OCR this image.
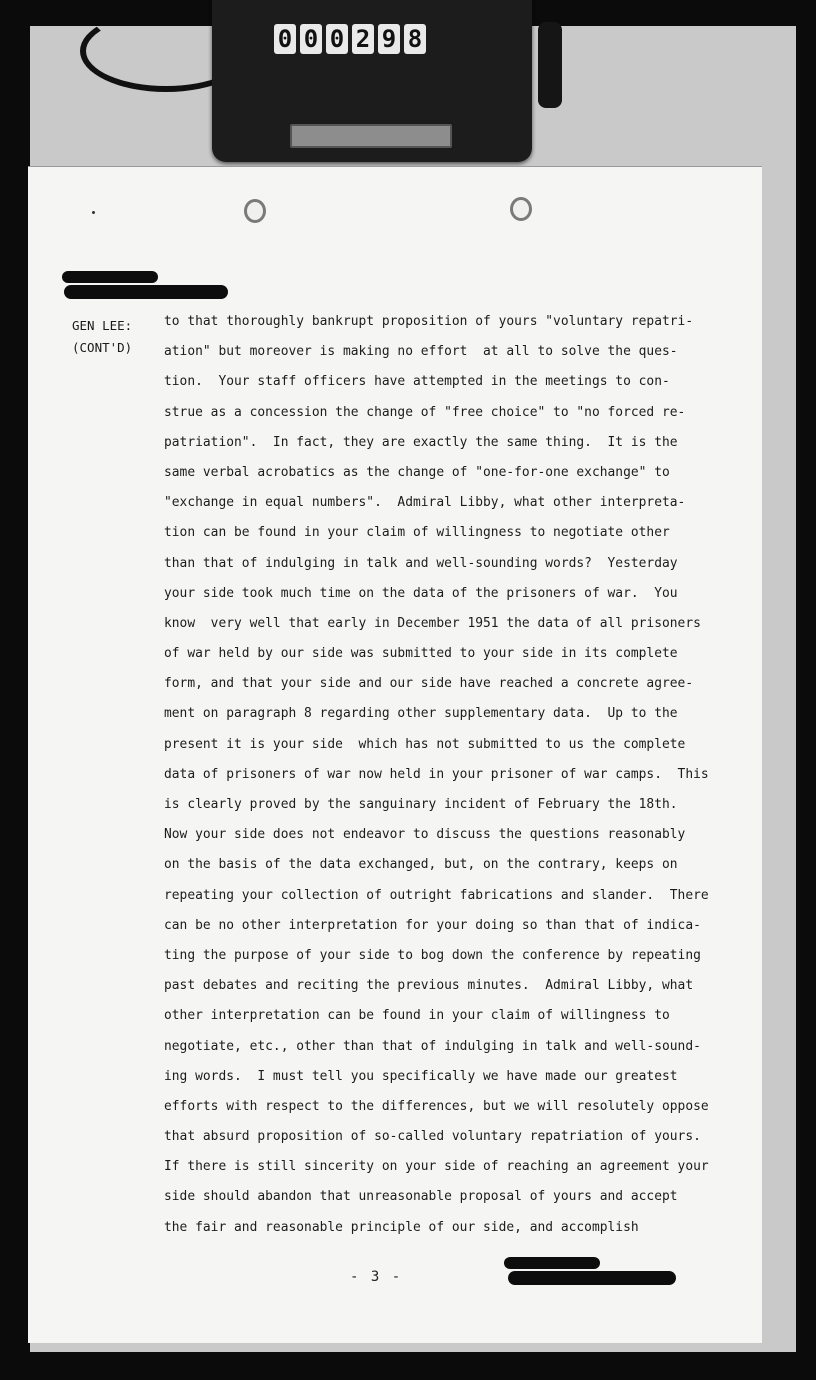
0 0 0 2 9 8
GEN LEE:
(CONT'D)
to that thoroughly bankrupt proposition of yours "voluntary repatri-
ation" but moreover is making no effort  at all to solve the ques-
tion.  Your staff officers have attempted in the meetings to con-
strue as a concession the change of "free choice" to "no forced re-
patriation".  In fact, they are exactly the same thing.  It is the
same verbal acrobatics as the change of "one-for-one exchange" to
"exchange in equal numbers".  Admiral Libby, what other interpreta-
tion can be found in your claim of willingness to negotiate other
than that of indulging in talk and well-sounding words?  Yesterday
your side took much time on the data of the prisoners of war.  You
know  very well that early in December 1951 the data of all prisoners
of war held by our side was submitted to your side in its complete
form, and that your side and our side have reached a concrete agree-
ment on paragraph 8 regarding other supplementary data.  Up to the
present it is your side  which has not submitted to us the complete
data of prisoners of war now held in your prisoner of war camps.  This
is clearly proved by the sanguinary incident of February the 18th.
Now your side does not endeavor to discuss the questions reasonably
on the basis of the data exchanged, but, on the contrary, keeps on
repeating your collection of outright fabrications and slander.  There
can be no other interpretation for your doing so than that of indica-
ting the purpose of your side to bog down the conference by repeating
past debates and reciting the previous minutes.  Admiral Libby, what
other interpretation can be found in your claim of willingness to
negotiate, etc., other than that of indulging in talk and well-sound-
ing words.  I must tell you specifically we have made our greatest
efforts with respect to the differences, but we will resolutely oppose
that absurd proposition of so-called voluntary repatriation of yours.
If there is still sincerity on your side of reaching an agreement your
side should abandon that unreasonable proposal of yours and accept
the fair and reasonable principle of our side, and accomplish
- 3 -
